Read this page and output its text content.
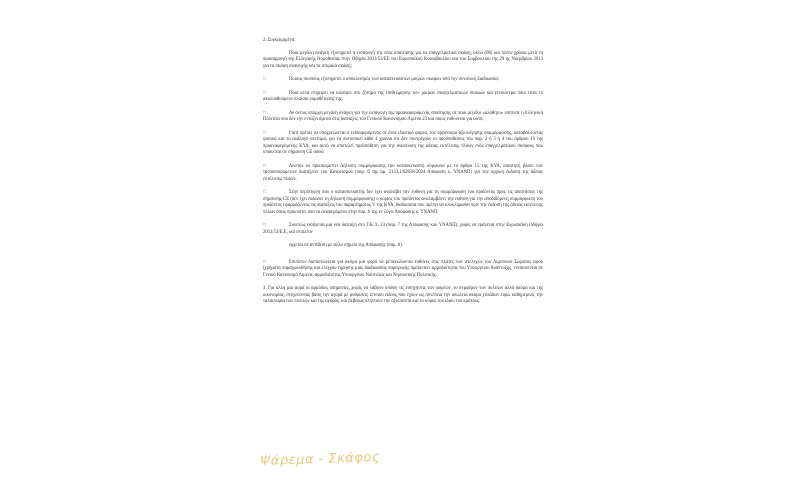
2. Συγκεκριμένα:
Ποια μεγάλη ανάγκη εξυπηρετεί η εισαγωγή της νέας απαίτησης για τα επαγγελματικά σκάφη, οκτώ (08) και πλέον χρόνια μετά τη προσαρμογή της Ελληνικής Νομοθεσίας στην Οδηγία 2013/53/ΕΕ του Ευρωπαϊκού Κοινοβουλίου και του Συμβουλίου της 20 ης Νοεμβρίου 2013 για τα σκάφη αναψυχής και τα ατομικά σκάφη;
□	Ποιους σκοπούς εξυπηρετεί ο αποκλεισμός των κατασκευαστών μικρών σκαφών από την συνολική διαδικασία;
□	Ποια κενά επιχειρεί να καλύψει στο ζήτημα της επιθεώρησης των μικρών επαγγελματικών σκαφών και γενικότερα ποιο είναι το ακολουθούμενο πλαίσιο νομοθέτησης της;
□	Αν όντως υπάρχει μεγάλη ανάγκη για την εισαγωγή της προαναφερόμενης απαίτησης σε ποιο μεγάλο «αλάθητο» υπέπεσε η Ελληνική Πολιτεία που δεν την εντάζει άμεσα στις διατάξεις του Γενικού Κανονισμού Λιμένα 23 και ποιος ευθύνεται για αυτό;
□	Γιατί πρέπει να υποχρεώνεται ο ενδιαφερόμενος σε έναν ιδιωτικό φορέα, τον οργανισμό αξιολόγησης συμμόρφωσης, καταβάλλοντας φυσικά και το ανάλογο αντίτιμο, για να πιστοποιεί κάθε 4 χρόνια ότι δεν συντρέχουν οι προϋποθέσεις του παρ. 2 ή 3 ή 4 του άρθρου 19 της προαναφερόμενης ΚΥΑ, και αυτό να αποτελεί προϋπόθεση για την ανανέωση της άδειας εκτέλεσης πλόων ενός επαγγελματικού σκάφους που υπόκειται σε σήμανση CE αφού:
□	Δίνεται να προσκομιστεί Δήλωση συμμόρφωσης του κατασκευαστή σύμφωνα με το άρθρο 15 της ΚΥΑ, απαιτητή βάσει των τροποποιούμενων διατάξεων του Κανονισμού (παρ. 6 της αρ. 2133.1/62858/2024 Απόφαση κ. ΥΝΑΝΠ) για την αρχική έκδοση της άδειας εκτέλεσης πλόων.
□	Στην περίπτωση που ο κατασκευαστής δεν έχει αναλάβει την ευθύνη για τη συμμόρφωση του προϊόντος προς τις απαιτήσεις της σήμανσης CE (δεν έχει εκδώσει τη δήλωση συμμόρφωσης) ο κύριος του προϊόντος αναλαμβάνει την ευθύνη για την αποδιδόμενη συμμόρφωση του προϊόντος εφαρμόζοντας τις διατάξεις του παραρτήματος V της ΚΥΑ, διαδικασία που πρέπει να ολοκληρωθεί πριν την έκδοση της άδειας εκτέλεσης πλόων όπως προκύπτει από τα αναφερόμενα στην παρ. 6 της εν λόγω Απόφασης κ. ΥΝΑΝΠ.
□	Συνεπώς εισάγεται μια νέα διάταξη στο Γ.Κ.Λ. 23 (παρ. 7 της Απόφασης κου ΥΝΑΝΠ), χωρίς να εράνεται στην Ευρωπαϊκή Οδηγία 2013/53/Ε.Ε, και επιπλέον
έρχεται σε αντίθεση με άλλο σημείο της Απόφασης (παρ. 6).
□	Επιπλέον διαπιστώνεται για ακόμα μια φορά να μετακυλίονται ευθύνες στις πλάτες των στελεχών του Λιμενικού Σώματος αφού (χρήματα παραχωλυθήσης και ελέγχου τήρησης μιας διαδικασίας παραγωγής προϊόντων αρμοδιότητας του Υπουργείου Ανάπτυξης, εντάσσονται σε Γενικό Κανονισμό Λιμένα, αρμοδιότητας Υπουργείου Ναυτιλίας και Νησιωτικής Πολιτικής.
3. Για άλλη μια φορά οι αρμόδιες υπηρεσίες, χωρίς να λάβουν υπόψη τις εισηγήσεις των φορέων, το σεμφέρον των πολιτών αλλά ακόμα και της οικονομίας, στοχεύοντας βάση την αγορά με ρυθμίσεις τέτοιου είδους που έχουν ως συνέπεια την απώλεια ακόμα χιλιάδων ευρώ καθημερινά, την ταλαιπωρία των πολιτών και της αγοράς, και βεβαίως πλήττουν την αξιοπιστία και το κύρος του ίδιου του κράτους.
Ψάρεμα - Σκάφος
